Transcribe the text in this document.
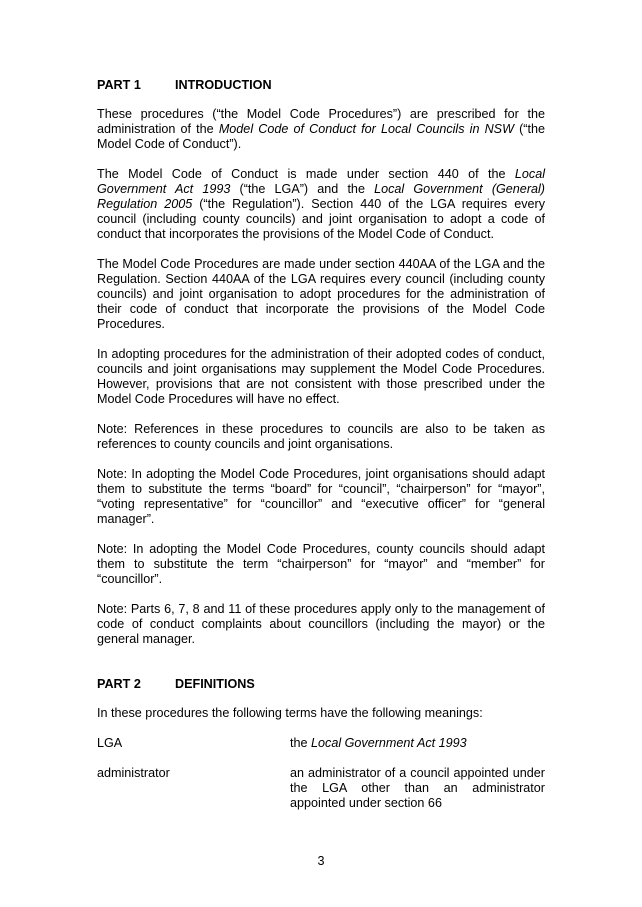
PART 1	INTRODUCTION

These procedures (“the Model Code Procedures”) are prescribed for the administration of the Model Code of Conduct for Local Councils in NSW (“the Model Code of Conduct”).

The Model Code of Conduct is made under section 440 of the Local Government Act 1993 (“the LGA”) and the Local Government (General) Regulation 2005 (“the Regulation”). Section 440 of the LGA requires every council (including county councils) and joint organisation to adopt a code of conduct that incorporates the provisions of the Model Code of Conduct.

The Model Code Procedures are made under section 440AA of the LGA and the Regulation. Section 440AA of the LGA requires every council (including county councils) and joint organisation to adopt procedures for the administration of their code of conduct that incorporate the provisions of the Model Code Procedures.

In adopting procedures for the administration of their adopted codes of conduct, councils and joint organisations may supplement the Model Code Procedures. However, provisions that are not consistent with those prescribed under the Model Code Procedures will have no effect.

Note: References in these procedures to councils are also to be taken as references to county councils and joint organisations.

Note: In adopting the Model Code Procedures, joint organisations should adapt them to substitute the terms “board” for “council”, “chairperson” for “mayor”, “voting representative” for “councillor” and “executive officer” for “general manager”.

Note: In adopting the Model Code Procedures, county councils should adapt them to substitute the term “chairperson” for “mayor” and “member” for “councillor”.

Note: Parts 6, 7, 8 and 11 of these procedures apply only to the management of code of conduct complaints about councillors (including the mayor) or the general manager.

PART 2	DEFINITIONS

In these procedures the following terms have the following meanings:

LGA	the Local Government Act 1993
administrator	an administrator of a council appointed under the LGA other than an administrator appointed under section 66
3
